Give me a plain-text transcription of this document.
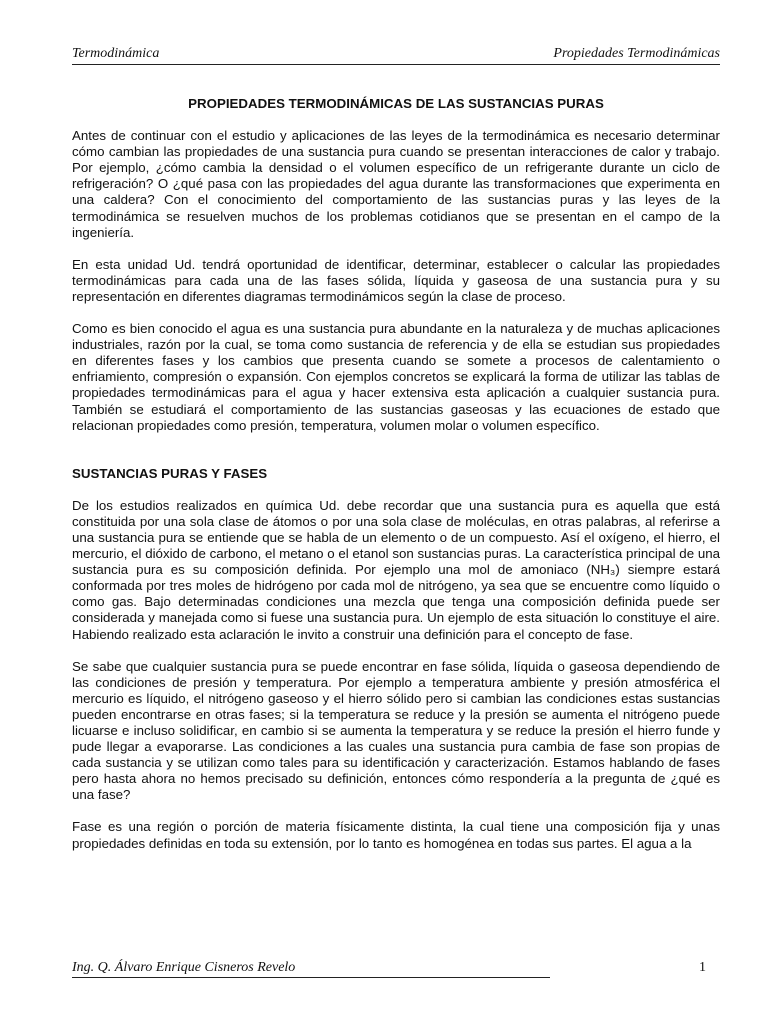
Termodinámica	Propiedades Termodinámicas
PROPIEDADES TERMODINÁMICAS DE LAS SUSTANCIAS PURAS

Antes de continuar con el estudio y aplicaciones de las leyes de la termodinámica es necesario determinar cómo cambian las propiedades de una sustancia pura cuando se presentan interacciones de calor y trabajo. Por ejemplo, ¿cómo cambia la densidad o el volumen específico de un refrigerante durante un ciclo de refrigeración? O ¿qué pasa con las propiedades del agua durante las transformaciones que experimenta en una caldera? Con el conocimiento del comportamiento de las sustancias puras y las leyes de la termodinámica se resuelven muchos de los problemas cotidianos que se presentan en el campo de la ingeniería.

En esta unidad Ud. tendrá oportunidad de identificar, determinar, establecer o calcular las propiedades termodinámicas para cada una de las fases sólida, líquida y gaseosa de una sustancia pura y su representación en diferentes diagramas termodinámicos según la clase de proceso.

Como es bien conocido el agua es una sustancia pura abundante en la naturaleza y de muchas aplicaciones industriales, razón por la cual, se toma como sustancia de referencia y de ella se estudian sus propiedades en diferentes fases y los cambios que presenta cuando se somete a procesos de calentamiento o enfriamiento, compresión o expansión. Con ejemplos concretos se explicará la forma de utilizar las tablas de propiedades termodinámicas para el agua y hacer extensiva esta aplicación a cualquier sustancia pura. También se estudiará el comportamiento de las sustancias gaseosas y las ecuaciones de estado que relacionan propiedades como presión, temperatura, volumen molar o volumen específico.

SUSTANCIAS PURAS Y FASES

De los estudios realizados en química Ud. debe recordar que una sustancia pura es aquella que está constituida por una sola clase de átomos o por una sola clase de moléculas, en otras palabras, al referirse a una sustancia pura se entiende que se habla de un elemento o de un compuesto. Así el oxígeno, el hierro, el mercurio, el dióxido de carbono, el metano o el etanol son sustancias puras. La característica principal de una sustancia pura es su composición definida. Por ejemplo una mol de amoniaco (NH₃) siempre estará conformada por tres moles de hidrógeno por cada mol de nitrógeno, ya sea que se encuentre como líquido o como gas. Bajo determinadas condiciones una mezcla que tenga una composición definida puede ser considerada y manejada como si fuese una sustancia pura. Un ejemplo de esta situación lo constituye el aire. Habiendo realizado esta aclaración le invito a construir una definición para el concepto de fase.

Se sabe que cualquier sustancia pura se puede encontrar en fase sólida, líquida o gaseosa dependiendo de las condiciones de presión y temperatura. Por ejemplo a temperatura ambiente y presión atmosférica el mercurio es líquido, el nitrógeno gaseoso y el hierro sólido pero si cambian las condiciones estas sustancias pueden encontrarse en otras fases; si la temperatura se reduce y la presión se aumenta el nitrógeno puede licuarse e incluso solidificar, en cambio si se aumenta la temperatura y se reduce la presión el hierro funde y pude llegar a evaporarse. Las condiciones a las cuales una sustancia pura cambia de fase son propias de cada sustancia y se utilizan como tales para su identificación y caracterización. Estamos hablando de fases pero hasta ahora no hemos precisado su definición, entonces cómo respondería a la pregunta de ¿qué es una fase?

Fase es una región o porción de materia físicamente distinta, la cual tiene una composición fija y unas propiedades definidas en toda su extensión, por lo tanto es homogénea en todas sus partes. El agua a la

Ing. Q. Álvaro Enrique Cisneros Revelo	1
